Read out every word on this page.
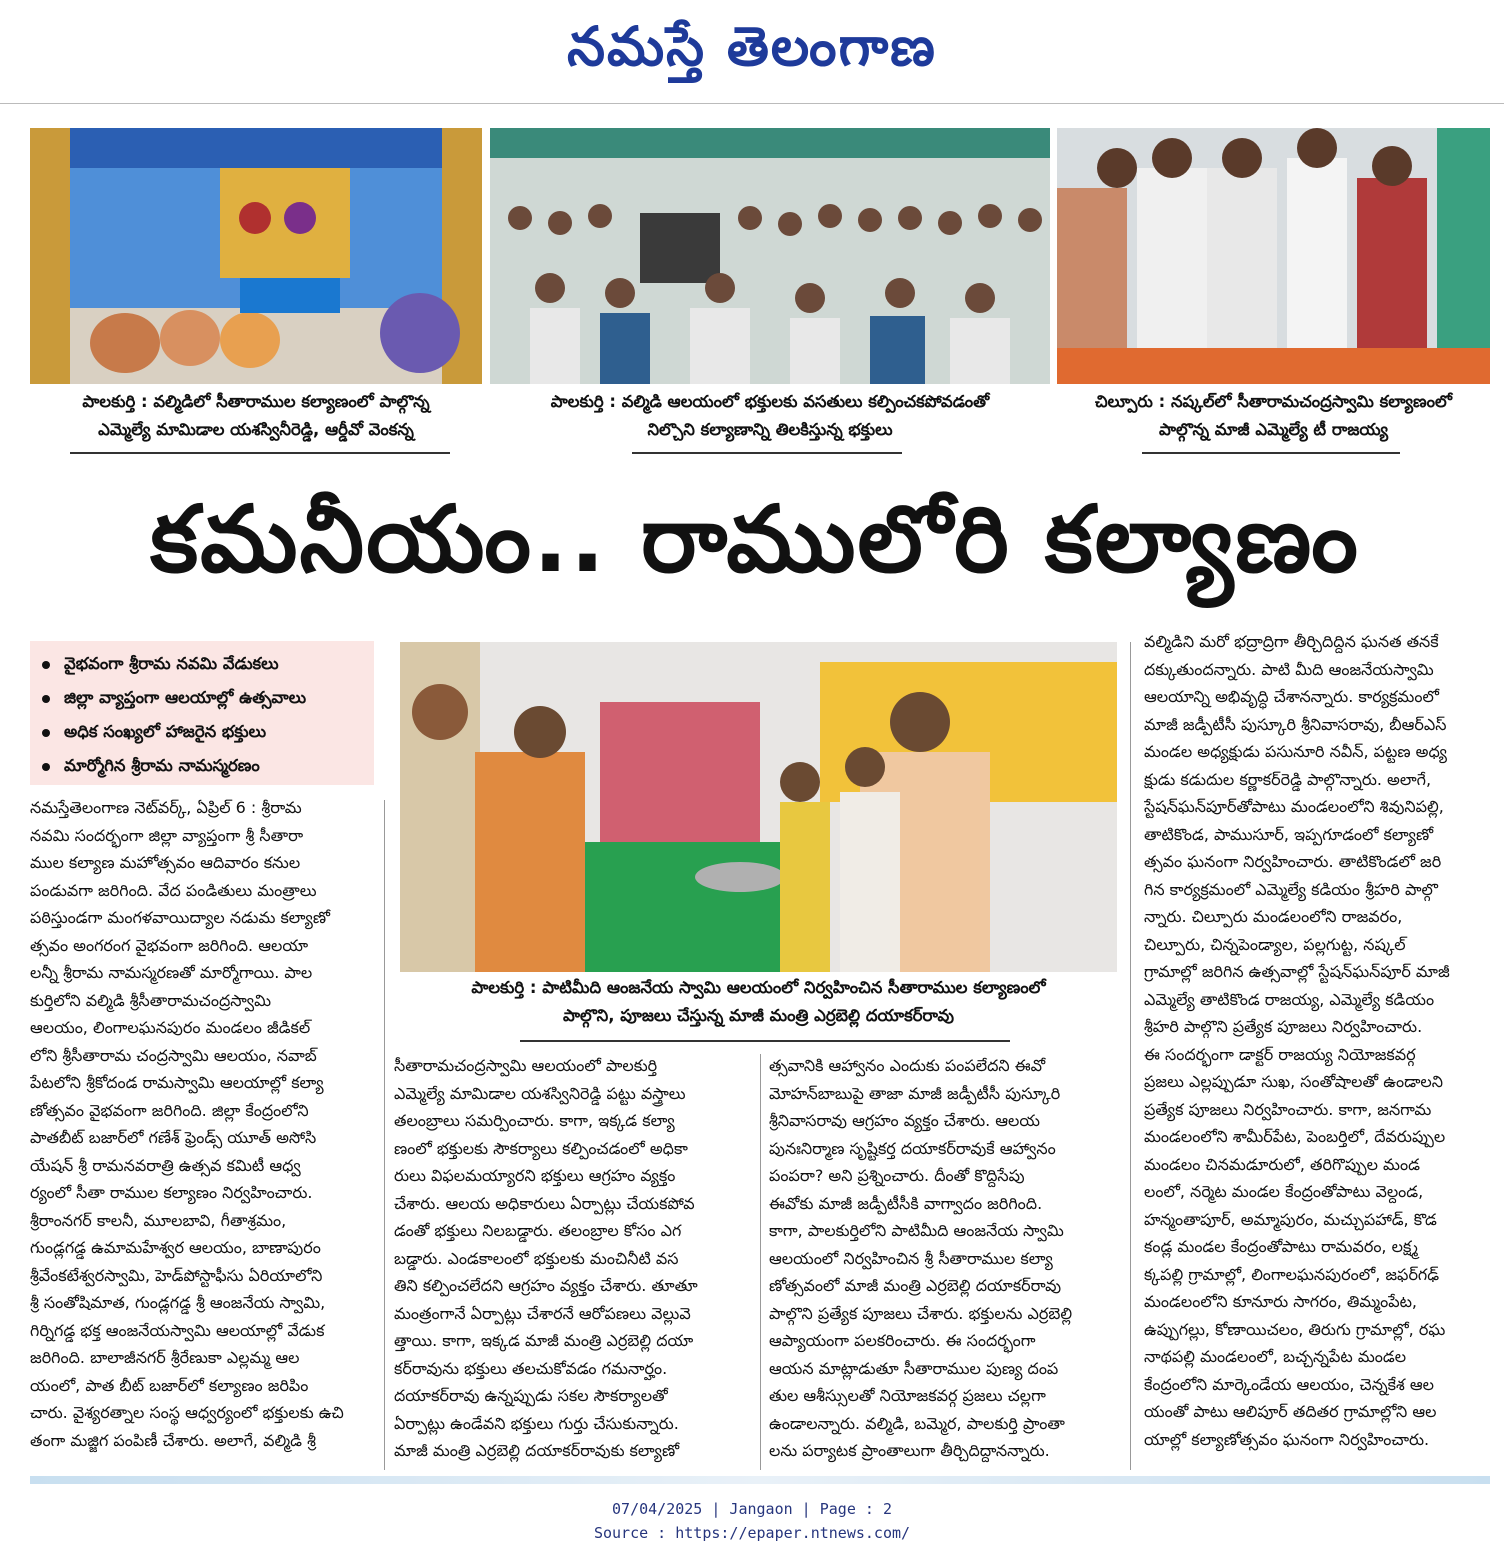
నమస్తే తెలంగాణ
పాలకుర్తి : వల్మిడిలో సీతారాముల కల్యాణంలో పాల్గొన్న
ఎమ్మెల్యే మామిడాల యశస్వినీరెడ్డి, ఆర్డీవో వెంకన్న
పాలకుర్తి : వల్మిడి ఆలయంలో భక్తులకు వసతులు కల్పించకపోవడంతో
నిల్చొని కల్యాణాన్ని తిలకిస్తున్న భక్తులు
చిల్పూరు : నష్కల్‌లో సీతారామచంద్రస్వామి కల్యాణంలో
పాల్గొన్న మాజీ ఎమ్మెల్యే టీ రాజయ్య
కమనీయం.. రాములోరి కల్యాణం
వైభవంగా శ్రీరామ నవమి వేడుకలు
జిల్లా వ్యాప్తంగా ఆలయాల్లో ఉత్సవాలు
అధిక సంఖ్యలో హాజరైన భక్తులు
మార్మోగిన శ్రీరామ నామస్మరణం
పాలకుర్తి : పాటిమీది ఆంజనేయ స్వామి ఆలయంలో నిర్వహించిన సీతారాముల కల్యాణంలో
పాల్గొని, పూజలు చేస్తున్న మాజీ మంత్రి ఎర్రబెల్లి దయాకర్‌రావు
నమస్తేతెలంగాణ నెట్‌వర్క్‌, ఏప్రిల్‌ 6 : శ్రీరామ
నవమి సందర్భంగా జిల్లా వ్యాప్తంగా శ్రీ సీతారా
ముల కల్యాణ మహోత్సవం ఆదివారం కనుల
పండువగా జరిగింది. వేద పండితులు మంత్రాలు
పఠిస్తుండగా మంగళవాయిద్యాల నడుమ కల్యాణో
త్సవం అంగరంగ వైభవంగా జరిగింది. ఆలయా
లన్నీ శ్రీరామ నామస్మరణతో మార్మోగాయి. పాల
కుర్తిలోని వల్మిడి శ్రీసీతారామచంద్రస్వామి
ఆలయం, లింగాలఘనపురం మండలం జీడికల్‌
లోని శ్రీసీతారామ చంద్రస్వామి ఆలయం, నవాబ్‌
పేటలోని శ్రీకోదండ రామస్వామి ఆలయాల్లో కల్యా
ణోత్సవం వైభవంగా జరిగింది. జిల్లా కేంద్రంలోని
పాతబీట్‌ బజార్‌లో గణేశ్‌ ఫ్రెండ్స్‌ యూత్‌ అసోసి
యేషన్‌ శ్రీ రామనవరాత్రి ఉత్సవ కమిటీ ఆధ్వ
ర్యంలో సీతా రాముల కల్యాణం నిర్వహించారు.
శ్రీరాంనగర్‌ కాలనీ, మూలబావి, గీతాశ్రమం,
గుండ్లగడ్డ ఉమామహేశ్వర ఆలయం, బాణాపురం
శ్రీవేంకటేశ్వరస్వామి, హెడ్‌పోస్టాఫీసు ఏరియాలోని
శ్రీ సంతోషిమాత, గుండ్లగడ్డ శ్రీ ఆంజనేయ స్వామి,
గిర్నిగడ్డ భక్త ఆంజనేయస్వామి ఆలయాల్లో వేడుక
జరిగింది. బాలాజీనగర్‌ శ్రీరేణుకా ఎల్లమ్మ ఆల
యంలో, పాత బీట్‌ బజార్‌లో కల్యాణం జరిపిం
చారు. వైశ్యరత్నాల సంస్థ ఆధ్వర్యంలో భక్తులకు ఉచి
తంగా మజ్జిగ పంపిణీ చేశారు. అలాగే, వల్మిడి శ్రీ
సీతారామచంద్రస్వామి ఆలయంలో పాలకుర్తి
ఎమ్మెల్యే మామిడాల యశస్వినిరెడ్డి పట్టు వస్త్రాలు
తలంబ్రాలు సమర్పించారు. కాగా, ఇక్కడ కల్యా
ణంలో భక్తులకు సౌకర్యాలు కల్పించడంలో అధికా
రులు విఫలమయ్యారని భక్తులు ఆగ్రహం వ్యక్తం
చేశారు. ఆలయ అధికారులు ఏర్పాట్లు చేయకపోవ
డంతో భక్తులు నిలబడ్డారు. తలంబ్రాల కోసం ఎగ
బడ్డారు. ఎండకాలంలో భక్తులకు మంచినీటి వస
తిని కల్పించలేదని ఆగ్రహం వ్యక్తం చేశారు. తూతూ
మంత్రంగానే ఏర్పాట్లు చేశారనే ఆరోపణలు వెల్లువె
త్తాయి. కాగా, ఇక్కడ మాజీ మంత్రి ఎర్రబెల్లి దయా
కర్‌రావును భక్తులు తలచుకోవడం గమనార్హం.
దయాకర్‌రావు ఉన్నప్పుడు సకల సౌకర్యాలతో
ఏర్పాట్లు ఉండేవని భక్తులు గుర్తు చేసుకున్నారు.
మాజీ మంత్రి ఎర్రబెల్లి దయాకర్‌రావుకు కల్యాణో
త్సవానికి ఆహ్వానం ఎందుకు పంపలేదని ఈవో
మోహన్‌బాబుపై తాజా మాజీ జడ్పీటీసీ పుస్కూరి
శ్రీనివాసరావు ఆగ్రహం వ్యక్తం చేశారు. ఆలయ
పునఃనిర్మాణ సృష్టికర్త దయాకర్‌రావుకే ఆహ్వానం
పంపరా? అని ప్రశ్నించారు. దీంతో కొద్దిసేపు
ఈవోకు మాజీ జడ్పీటీసీకి వాగ్వాదం జరిగింది.
కాగా, పాలకుర్తిలోని పాటిమీది ఆంజనేయ స్వామి
ఆలయంలో నిర్వహించిన శ్రీ సీతారాముల కల్యా
ణోత్సవంలో మాజీ మంత్రి ఎర్రబెల్లి దయాకర్‌రావు
పాల్గొని ప్రత్యేక పూజలు చేశారు. భక్తులను ఎర్రబెల్లి
ఆప్యాయంగా పలకరించారు. ఈ సందర్భంగా
ఆయన మాట్లాడుతూ సీతారాముల పుణ్య దంప
తుల ఆశీస్సులతో నియోజకవర్గ ప్రజలు చల్లగా
ఉండాలన్నారు. వల్మిడి, బమ్మెర, పాలకుర్తి ప్రాంతా
లను పర్యాటక ప్రాంతాలుగా తీర్చిదిద్దానన్నారు.
వల్మిడిని మరో భద్రాద్రిగా తీర్చిదిద్దిన ఘనత తనకే
దక్కుతుందన్నారు. పాటి మీది ఆంజనేయస్వామి
ఆలయాన్ని అభివృద్ధి చేశానన్నారు. కార్యక్రమంలో
మాజీ జడ్పీటీసీ పుస్కూరి శ్రీనివాసరావు, బీఆర్‌ఎస్‌
మండల అధ్యక్షుడు పసునూరి నవీన్‌, పట్టణ అధ్య
క్షుడు కడుదుల కర్ణాకర్‌రెడ్డి పాల్గొన్నారు. అలాగే,
స్టేషన్‌ఘన్‌పూర్‌తోపాటు మండలంలోని శివునిపల్లి,
తాటికొండ, పాముసూర్‌, ఇప్పగూడంలో కల్యాణో
త్సవం ఘనంగా నిర్వహించారు. తాటికొండలో జరి
గిన కార్యక్రమంలో ఎమ్మెల్యే కడియం శ్రీహరి పాల్గొ
న్నారు. చిల్పూరు మండలంలోని రాజవరం,
చిల్పూరు, చిన్నపెండ్యాల, పల్లగుట్ట, నష్కల్‌
గ్రామాల్లో జరిగిన ఉత్సవాల్లో స్టేషన్‌ఘన్‌పూర్‌ మాజీ
ఎమ్మెల్యే తాటికొండ రాజయ్య, ఎమ్మెల్యే కడియం
శ్రీహరి పాల్గొని ప్రత్యేక పూజలు నిర్వహించారు.
ఈ సందర్భంగా డాక్టర్‌ రాజయ్య నియోజకవర్గ
ప్రజలు ఎల్లప్పుడూ సుఖ, సంతోషాలతో ఉండాలని
ప్రత్యేక పూజలు నిర్వహించారు. కాగా, జనగామ
మండలంలోని శామీర్‌పేట, పెంబర్తిలో, దేవరుప్పుల
మండలం చినమడూరులో, తరిగొప్పుల మండ
లంలో, నర్మెట మండల కేంద్రంతోపాటు వెల్దండ,
హన్మంతాపూర్‌, అమ్మాపురం, మచ్చుపహాడ్‌, కొడ
కండ్ల మండల కేంద్రంతోపాటు రామవరం, లక్ష్మ
క్కపల్లి గ్రామాల్లో, లింగాలఘనపురంలో, జఫర్‌గఢ్‌
మండలంలోని కూనూరు సాగరం, తిమ్మంపేట,
ఉప్పుగల్లు, కోణాయిచలం, తిరుగు గ్రామాల్లో, రఘ
నాథపల్లి మండలంలో, బచ్చన్నపేట మండల
కేంద్రంలోని మార్కెండేయ ఆలయం, చెన్నకేశ ఆల
యంతో పాటు ఆలిపూర్‌ తదితర గ్రామాల్లోని ఆల
యాల్లో కల్యాణోత్సవం ఘనంగా నిర్వహించారు.
07/04/2025 | Jangaon | Page : 2
Source : https://epaper.ntnews.com/
